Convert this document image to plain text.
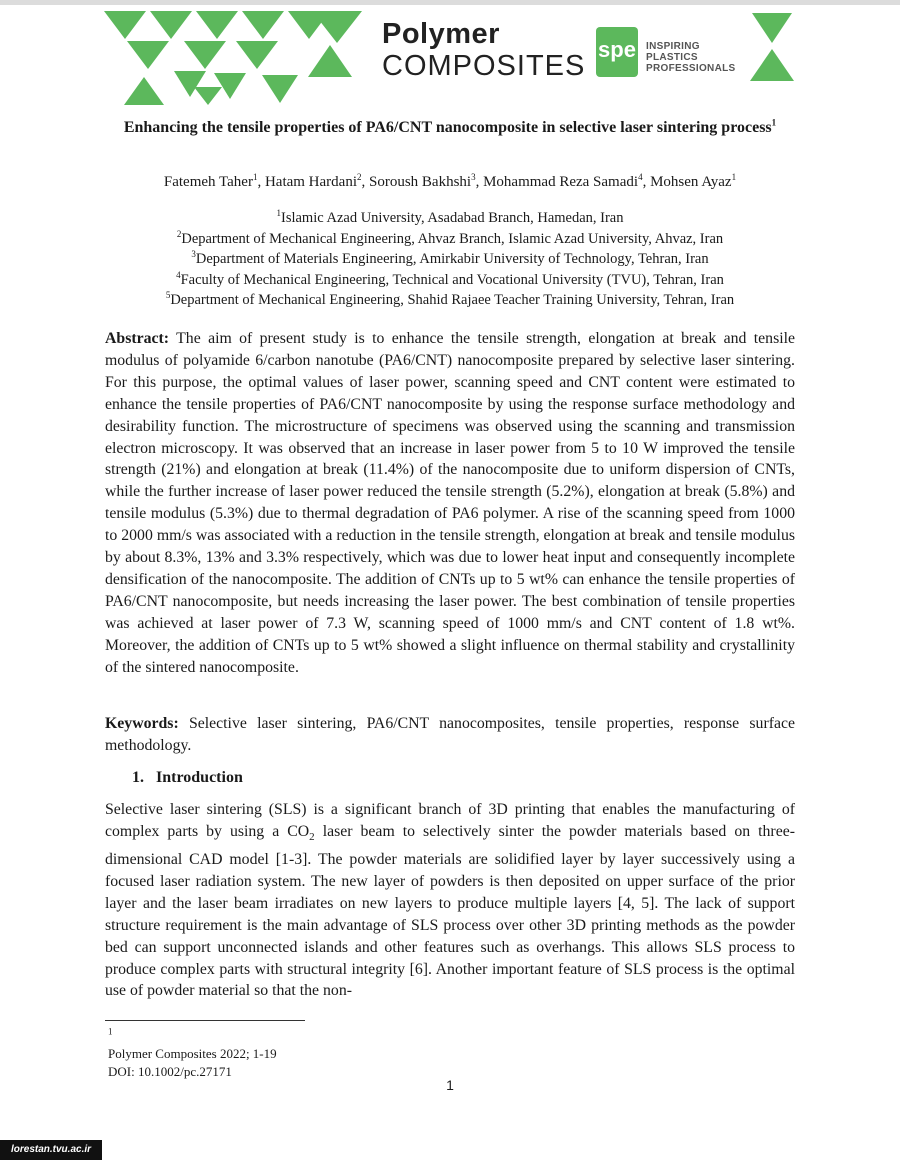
Polymer
COMPOSITES
spe INSPIRING
PLASTICS
PROFESSIONALS
Enhancing the tensile properties of PA6/CNT nanocomposite in selective laser sintering process$^1$
Fatemeh Taher$^1$, Hatam Hardani$^2$, Soroush Bakhshi$^3$, Mohammad Reza Samadi$^4$, Mohsen Ayaz$^1$
$^1$Islamic Azad University, Asadabad Branch, Hamedan, Iran
$^2$Department of Mechanical Engineering, Ahvaz Branch, Islamic Azad University, Ahvaz, Iran
$^3$Department of Materials Engineering, Amirkabir University of Technology, Tehran, Iran
$^4$Faculty of Mechanical Engineering, Technical and Vocational University (TVU), Tehran, Iran
$^5$Department of Mechanical Engineering, Shahid Rajaee Teacher Training University, Tehran, Iran
Abstract: The aim of present study is to enhance the tensile strength, elongation at break and tensile modulus of polyamide 6/carbon nanotube (PA6/CNT) nanocomposite prepared by selective laser sintering. For this purpose, the optimal values of laser power, scanning speed and CNT content were estimated to enhance the tensile properties of PA6/CNT nanocomposite by using the response surface methodology and desirability function. The microstructure of specimens was observed using the scanning and transmission electron microscopy. It was observed that an increase in laser power from 5 to 10 W improved the tensile strength (21%) and elongation at break (11.4%) of the nanocomposite due to uniform dispersion of CNTs, while the further increase of laser power reduced the tensile strength (5.2%), elongation at break (5.8%) and tensile modulus (5.3%) due to thermal degradation of PA6 polymer. A rise of the scanning speed from 1000 to 2000 mm/s was associated with a reduction in the tensile strength, elongation at break and tensile modulus by about 8.3%, 13% and 3.3% respectively, which was due to lower heat input and consequently incomplete densification of the nanocomposite. The addition of CNTs up to 5 wt% can enhance the tensile properties of PA6/CNT nanocomposite, but needs increasing the laser power. The best combination of tensile properties was achieved at laser power of 7.3 W, scanning speed of 1000 mm/s and CNT content of 1.8 wt%. Moreover, the addition of CNTs up to 5 wt% showed a slight influence on thermal stability and crystallinity of the sintered nanocomposite.
Keywords: Selective laser sintering, PA6/CNT nanocomposites, tensile properties, response surface methodology.
1.   Introduction
Selective laser sintering (SLS) is a significant branch of 3D printing that enables the manufacturing of complex parts by using a $CO_2$ laser beam to selectively sinter the powder materials based on three-dimensional CAD model [1-3]. The powder materials are solidified layer by layer successively using a focused laser radiation system. The new layer of powders is then deposited on upper surface of the prior layer and the laser beam irradiates on new layers to produce multiple layers [4, 5]. The lack of support structure requirement is the main advantage of SLS process over other 3D printing methods as the powder bed can support unconnected islands and other features such as overhangs. This allows SLS process to produce complex parts with structural integrity [6]. Another important feature of SLS process is the optimal use of powder material so that the non-
$^1$
Polymer Composites 2022; 1-19
DOI: 10.1002/pc.27171
1
lorestan.tvu.ac.ir
